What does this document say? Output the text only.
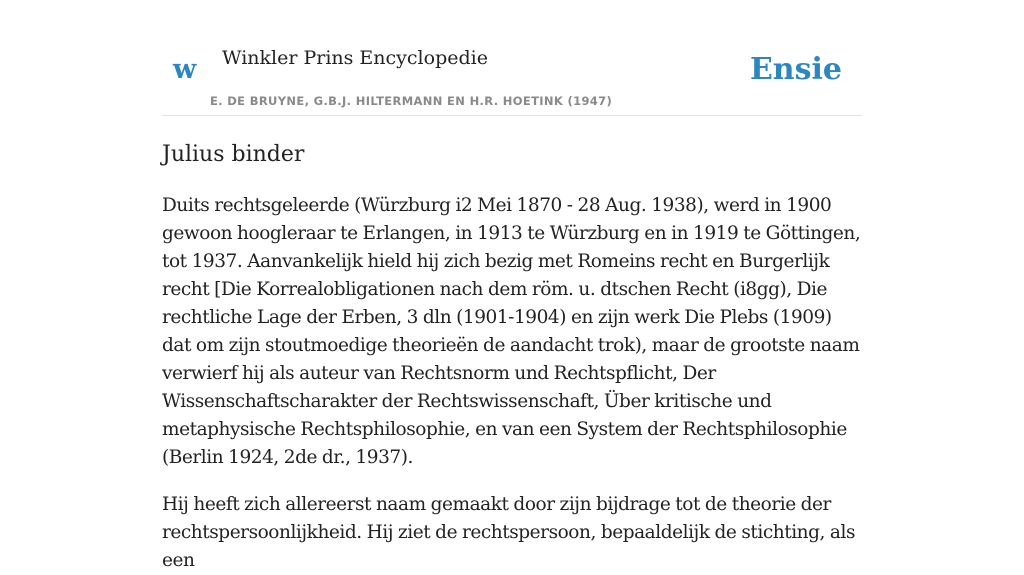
w Winkler Prins Encyclopedie
E. DE BRUYNE, G.B.J. HILTERMANN EN H.R. HOETINK (1947)
Ensie
Julius binder

Duits rechtsgeleerde (Würzburg i2 Mei 1870 - 28 Aug. 1938), werd in 1900 gewoon hoogleraar te Erlangen, in 1913 te Würzburg en in 1919 te Göttingen, tot 1937. Aanvankelijk hield hij zich bezig met Romeins recht en Burgerlijk recht [Die Korrealobligationen nach dem röm. u. dtschen Recht (i8gg), Die rechtliche Lage der Erben, 3 dln (1901-1904) en zijn werk Die Plebs (1909) dat om zijn stoutmoedige theorieën de aandacht trok), maar de grootste naam verwierf hij als auteur van Rechtsnorm und Rechtspflicht, Der Wissenschaftscharakter der Rechtswissenschaft, Über kritische und metaphysische Rechtsphilosophie, en van een System der Rechtsphilosophie (Berlin 1924, 2de dr., 1937).

Hij heeft zich allereerst naam gemaakt door zijn bijdrage tot de theorie der rechtspersoonlijkheid. Hij ziet de rechtspersoon, bepaaldelijk de stichting, als een
